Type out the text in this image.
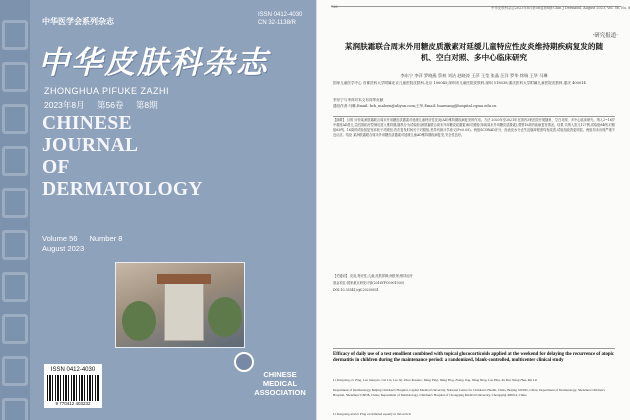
中华医学会系列杂志
ISSN 0412-4030
CN 32-1138/R
中华皮肤科杂志
ZHONGHUA PIFUKE ZAZHI
2023年8月 第56卷 第8期
CHINESE
JOURNAL
OF
DERMATOLOGY
Volume 56 Number 8
August 2023
ISSN 0412-4030
9 770412 403232
CHINESE
MEDICAL
ASSOCIATION
736	中华皮肤科杂志2023年8月第56卷第8期 Chin J Dermatol, August 2023, Vol. 56, No. 8
·研究报道·
某润肤霜联合周末外用糖皮质激素对延缓儿童特应性皮炎维持期疾病复发的随机、空白对照、多中心临床研究
李东宁 李萍 罗晓燕 蔡林 刘洁 赵晓涛 王萍 王莹 张晶 汪洋 罗华 徐瑞 王华 马琳
国家儿童医学中心 首都医科大学附属北京儿童医院皮肤科,北京 100045;深圳市儿童医院皮肤科,深圳 518038;重庆医科大学附属儿童医院皮肤科,重庆 400014
李东宁与李萍对本文有同等贡献
通信作者:马琳,Email: bch_maleen@aliyun.com;王华,Email: huawang@hospital.cqmu.edu.cn
【摘要】 目的 评价某润肤霜联合周末外用糖皮质激素对延缓儿童特应性皮炎(AD)维持期疾病复发的作用。方法 2020年至2021年在国内3家医院开展随机、空白对照、多中心临床研究。纳入2~16岁中重度AD患儿,急性期治疗控制后进入维持期,随机分为试验组(润肤霜联合周末外用糖皮质激素)和对照组(单纯周末外用糖皮质激素),观察16周内疾病复发情况。结果 共纳入患儿127例,试验组64例,对照组63例。16周时试验组复发率低于对照组,首次复发时间长于对照组,差异有统计学意义(P<0.05)。两组SCORAD评分、经表皮水分丢失及瘙痒程度均有改善,试验组改善更明显。两组均未出现严重不良反应。结论 某润肤霜联合周末外用糖皮质激素可延缓儿童AD维持期疾病复发,安全性良好。
【关键词】 皮炎,特应性;儿童;皮肤屏障;润肤剂;维持治疗
基金项目:国家重点研发计划(2016YFC0901500)
DOI:10.35541/cjd.20200031
Efficacy of daily use of a test emollient combined with topical glucocorticoids applied at the weekend for delaying the recurrence of atopic dermatitis in children during the maintenance period: a randomized, blank-controlled, multicenter clinical study
Li Dongning, Li Ping, Luo Xiaoyan, Cai Lin, Liu Jie, Zhao Xiaotao, Wang Ping, Wang Ying, Zhang Jing, Wang Yang, Luo Hua, Xu Rui, Wang Hua, Ma Lin
Department of Dermatology, Beijing Children's Hospital, Capital Medical University, National Center for Children's Health, China, Beijing 100045, China; Department of Dermatology, Shenzhen Children's Hospital, Shenzhen 518038, China; Department of Dermatology, Children's Hospital of Chongqing Medical University, Chongqing 400014, China
Li Dongning and Li Ping contributed equally to this article
